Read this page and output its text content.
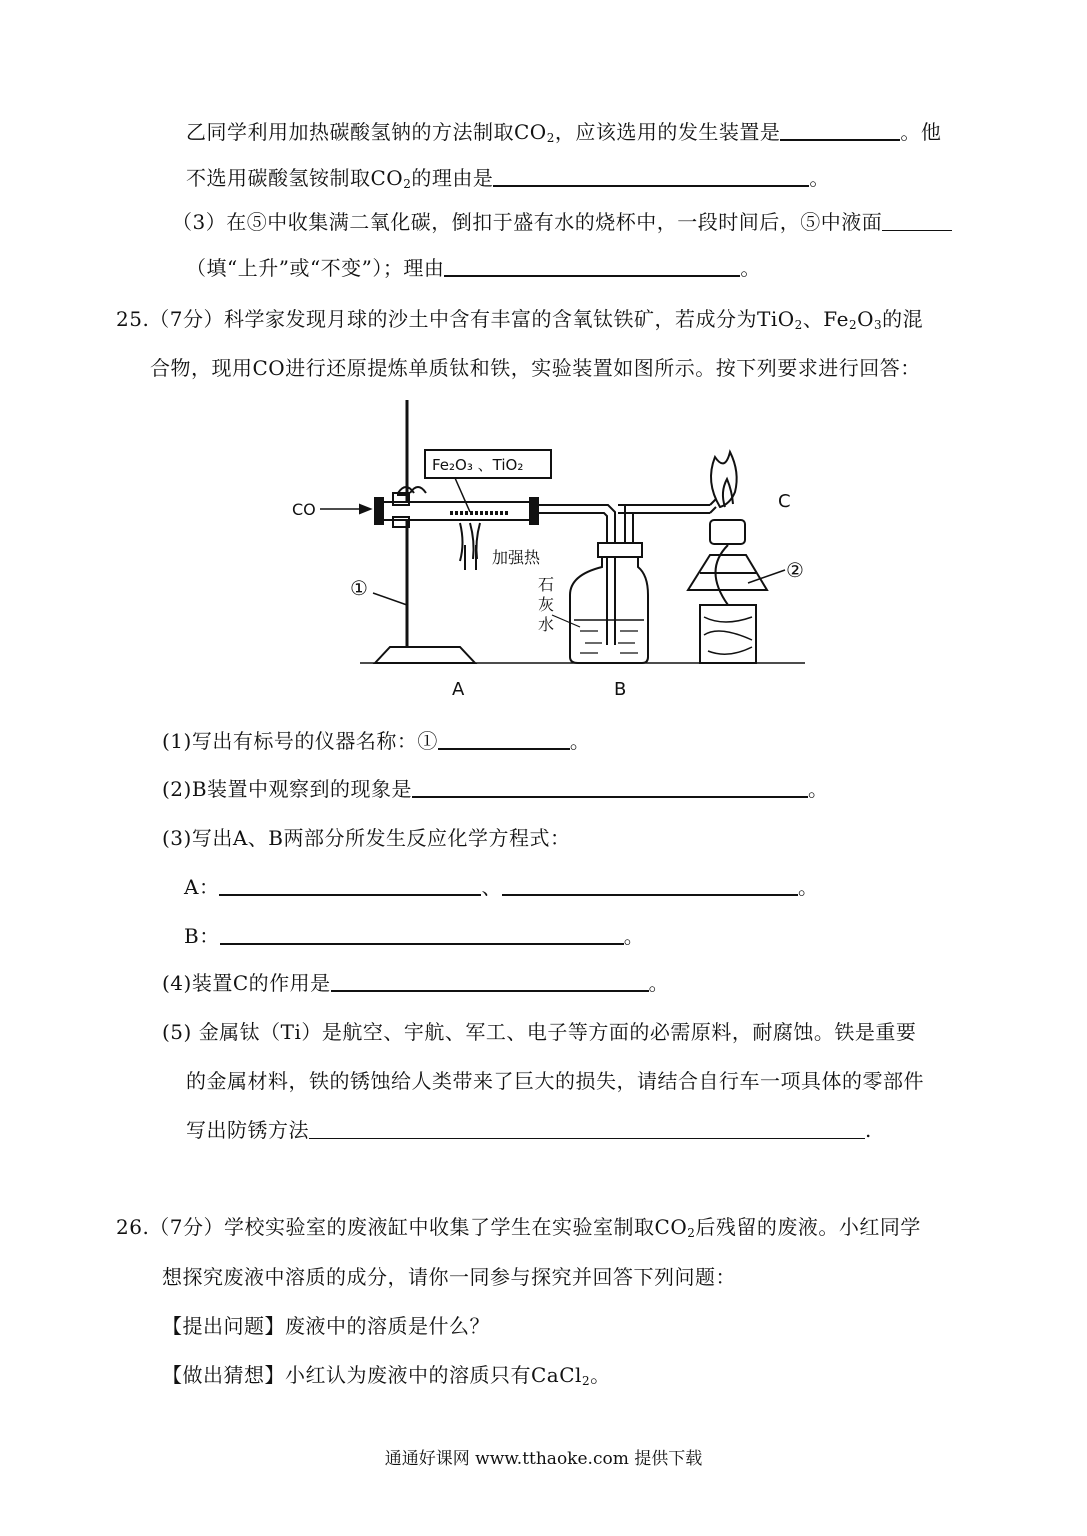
乙同学利用加热碳酸氢钠的方法制取$CO_2$，应该选用的发生装置是	。他
不选用碳酸氢铵制取$CO_2$的理由是	。
（3）在⑤中收集满二氧化碳，倒扣于盛有水的烧杯中，一段时间后，⑤中液面
（填“上升”或“不变”）；理由	。
25.（7分）科学家发现月球的沙土中含有丰富的含氧钛铁矿，若成分为TiO$_2$、$Fe_2O_3$的混
合物，现用CO进行还原提炼单质钛和铁，实验装置如图所示。按下列要求进行回答：
CO
Fe₂O₃ 、TiO₂
加强热
石
灰
水
①
②
A	B
C
(1)写出有标号的仪器名称：①	。
(2)B装置中观察到的现象是	。
(3)写出A、B两部分所发生反应化学方程式：
A：	、	。
B：	。
(4)装置C的作用是	。
(5) 金属钛（Ti）是航空、宇航、军工、电子等方面的必需原料，耐腐蚀。铁是重要
的金属材料，铁的锈蚀给人类带来了巨大的损失，请结合自行车一项具体的零部件
写出防锈方法	.
26.（7分）学校实验室的废液缸中收集了学生在实验室制取$CO_2$后残留的废液。小红同学
想探究废液中溶质的成分，请你一同参与探究并回答下列问题：
【提出问题】废液中的溶质是什么？
【做出猜想】小红认为废液中的溶质只有CaCl$_2$。
通通好课网 www.tthaoke.com 提供下载
